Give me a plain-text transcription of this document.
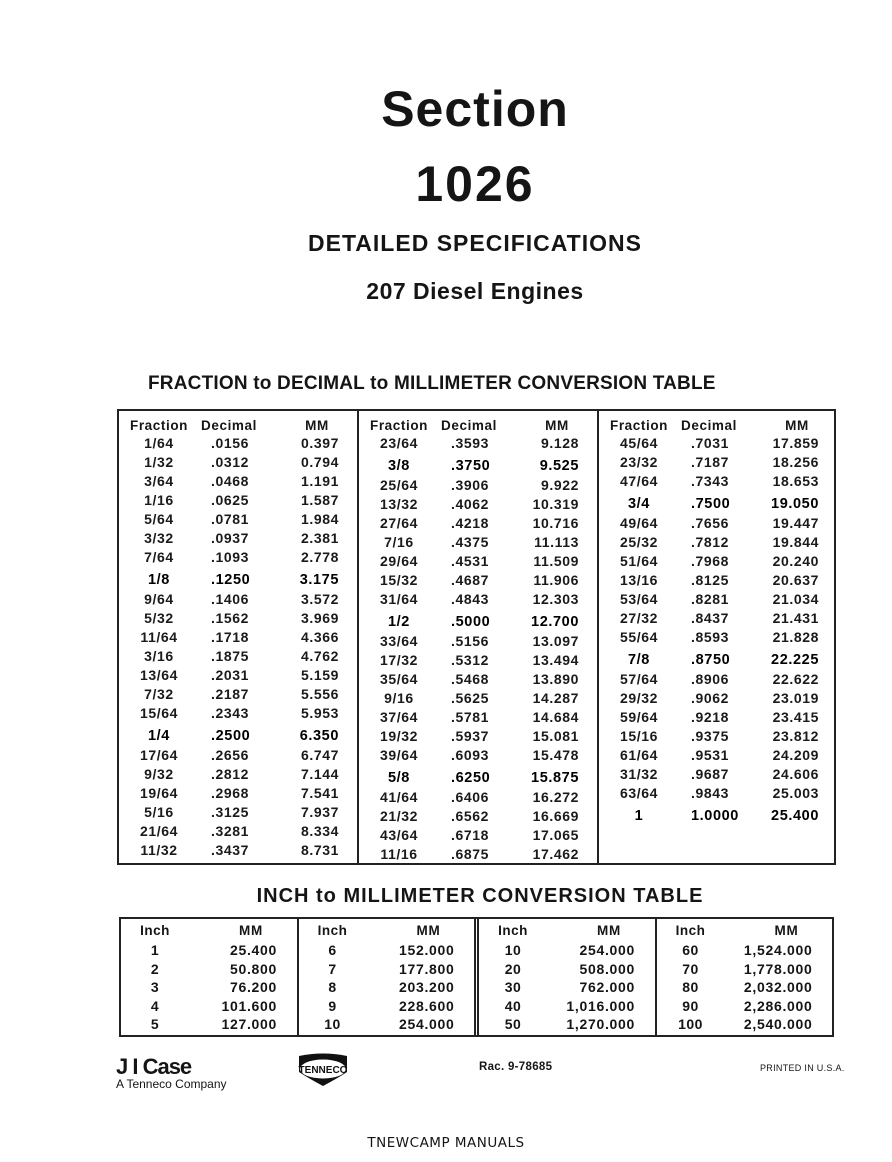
Section
1026
DETAILED SPECIFICATIONS
207 Diesel Engines
FRACTION to DECIMAL to MILLIMETER CONVERSION TABLE
Fraction Decimal	MM
1/64	.0156	0.397
1/32	.0312	0.794
3/64	.0468	1.191
1/16	.0625	1.587
5/64	.0781	1.984
3/32	.0937	2.381
7/64	.1093	2.778
1/8	.1250	3.175
9/64	.1406	3.572
5/32	.1562	3.969
11/64	.1718	4.366
3/16	.1875	4.762
13/64	.2031	5.159
7/32	.2187	5.556
15/64	.2343	5.953
1/4	.2500	6.350
17/64	.2656	6.747
9/32	.2812	7.144
19/64	.2968	7.541
5/16	.3125	7.937
21/64	.3281	8.334
11/32	.3437	8.731
Fraction Decimal	MM
23/64	.3593	9.128
3/8	.3750	9.525
25/64	.3906	9.922
13/32	.4062	10.319
27/64	.4218	10.716
7/16	.4375	11.113
29/64	.4531	11.509
15/32	.4687	11.906
31/64	.4843	12.303
1/2	.5000	12.700
33/64	.5156	13.097
17/32	.5312	13.494
35/64	.5468	13.890
9/16	.5625	14.287
37/64	.5781	14.684
19/32	.5937	15.081
39/64	.6093	15.478
5/8	.6250	15.875
41/64	.6406	16.272
21/32	.6562	16.669
43/64	.6718	17.065
11/16	.6875	17.462
Fraction Decimal	MM
45/64	.7031	17.859
23/32	.7187	18.256
47/64	.7343	18.653
3/4	.7500	19.050
49/64	.7656	19.447
25/32	.7812	19.844
51/64	.7968	20.240
13/16	.8125	20.637
53/64	.8281	21.034
27/32	.8437	21.431
55/64	.8593	21.828
7/8	.8750	22.225
57/64	.8906	22.622
29/32	.9062	23.019
59/64	.9218	23.415
15/16	.9375	23.812
61/64	.9531	24.209
31/32	.9687	24.606
63/64	.9843	25.003
1	1.0000	25.400
INCH to MILLIMETER CONVERSION TABLE
Inch	MM
1	25.400
2	50.800
3	76.200
4	101.600
5	127.000
Inch	MM
6	152.000
7	177.800
8	203.200
9	228.600
10	254.000
Inch	MM
10	254.000
20	508.000
30	762.000
40	1,016.000
50	1,270.000
Inch	MM
60	1,524.000
70	1,778.000
80	2,032.000
90	2,286.000
100	2,540.000
J I Case
A Tenneco Company
TENNECO	Rac. 9-78685	PRINTED IN U.S.A.
TNEWCAMP MANUALS
